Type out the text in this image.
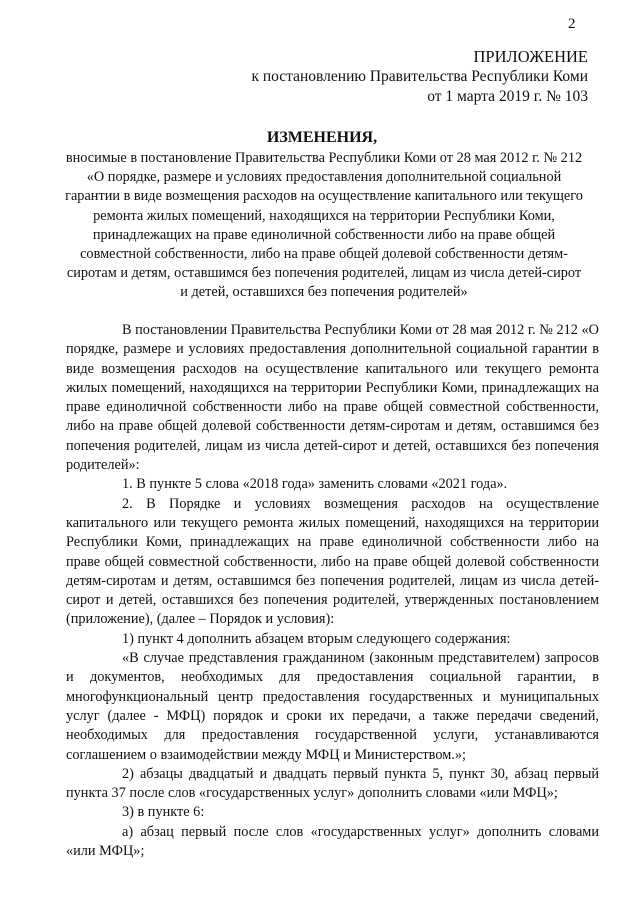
2
ПРИЛОЖЕНИЕ
к постановлению Правительства Республики Коми
от 1 марта 2019 г. № 103
ИЗМЕНЕНИЯ,
вносимые в постановление Правительства Республики Коми от 28 мая 2012 г. № 212 «О порядке, размере и условиях предоставления дополнительной социальной гарантии в виде возмещения расходов на осуществление капитального или текущего ремонта жилых помещений, находящихся на территории Республики Коми, принадлежащих на праве единоличной собственности либо на праве общей совместной собственности, либо на праве общей долевой собственности детям-сиротам и детям, оставшимся без попечения родителей, лицам из числа детей-сирот и детей, оставшихся без попечения родителей»

В постановлении Правительства Республики Коми от 28 мая 2012 г. № 212 «О порядке, размере и условиях предоставления дополнительной социальной гарантии в виде возмещения расходов на осуществление капитального или текущего ремонта жилых помещений, находящихся на территории Республики Коми, принадлежащих на праве единоличной собственности либо на праве общей совместной собственности, либо на праве общей долевой собственности детям-сиротам и детям, оставшимся без попечения родителей, лицам из числа детей-сирот и детей, оставшихся без попечения родителей»:

1. В пункте 5 слова «2018 года» заменить словами «2021 года».

2. В Порядке и условиях возмещения расходов на осуществление капитального или текущего ремонта жилых помещений, находящихся на территории Республики Коми, принадлежащих на праве единоличной собственности либо на праве общей совместной собственности, либо на праве общей долевой собственности детям-сиротам и детям, оставшимся без попечения родителей, лицам из числа детей-сирот и детей, оставшихся без попечения родителей, утвержденных постановлением (приложение), (далее – Порядок и условия):

1) пункт 4 дополнить абзацем вторым следующего содержания:

«В случае представления гражданином (законным представителем) запросов и документов, необходимых для предоставления социальной гарантии, в многофункциональный центр предоставления государственных и муниципальных услуг (далее - МФЦ) порядок и сроки их передачи, а также передачи сведений, необходимых для предоставления государственной услуги, устанавливаются соглашением о взаимодействии между МФЦ и Министерством.»;

2) абзацы двадцатый и двадцать первый пункта 5, пункт 30, абзац первый пункта 37 после слов «государственных услуг» дополнить словами «или МФЦ»;

3) в пункте 6:

а) абзац первый после слов «государственных услуг» дополнить словами «или МФЦ»;
